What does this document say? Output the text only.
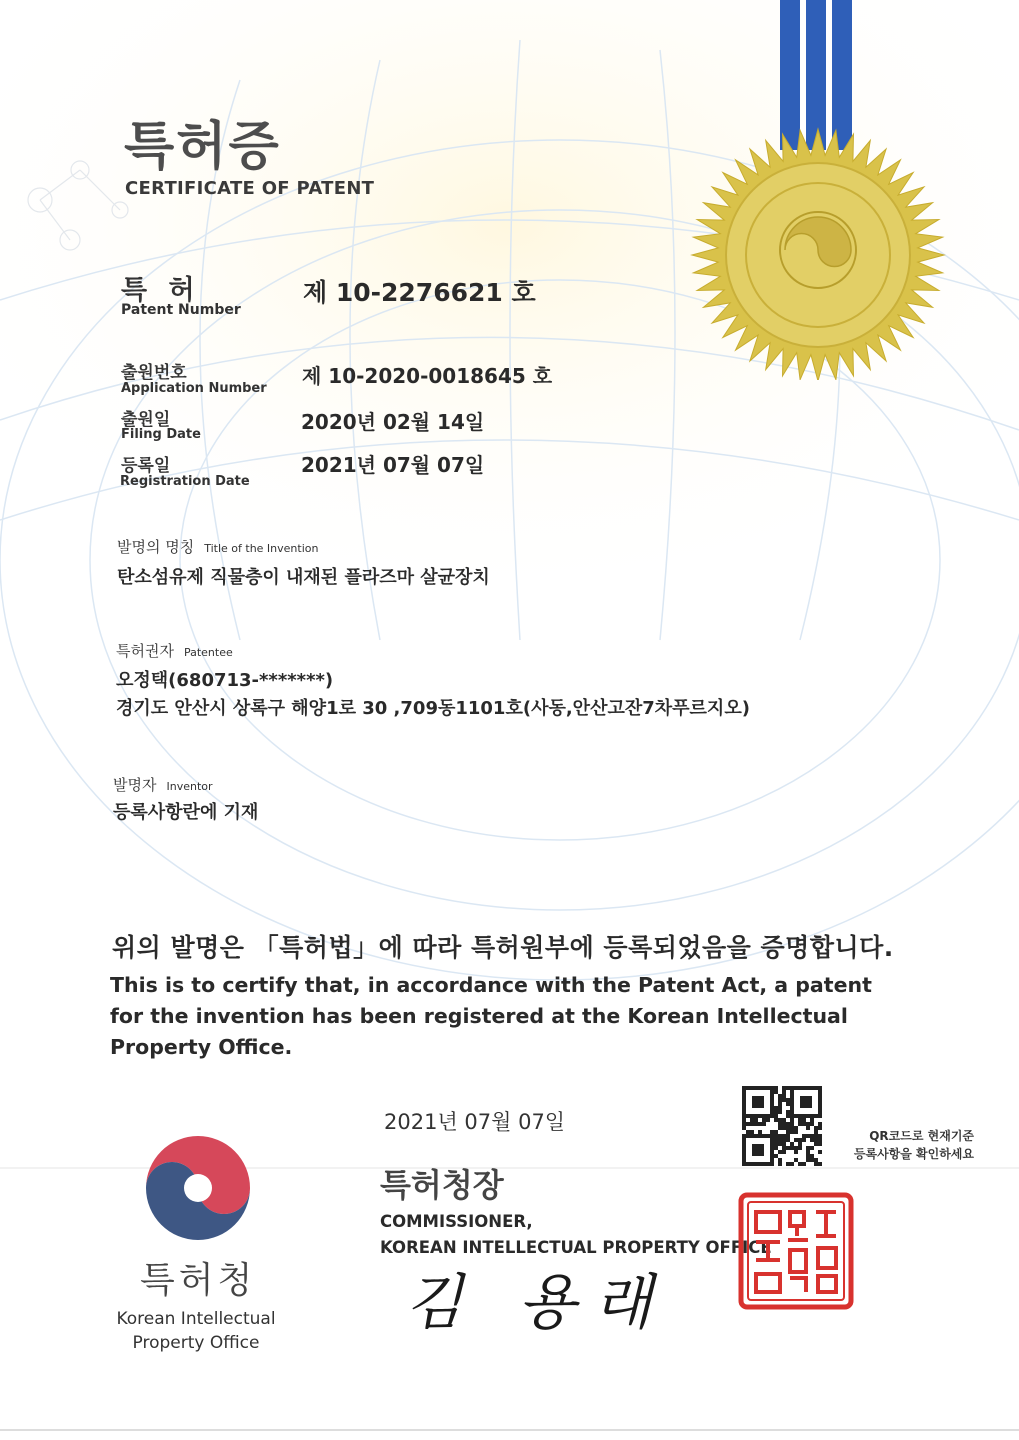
특허증
CERTIFICATE OF PATENT
특 허
Patent Number
제 10-2276621 호
출원번호
Application Number
제 10-2020-0018645 호
출원일
Filing Date
2020년 02월 14일
등록일
Registration Date
2021년 07월 07일
발명의 명칭 Title of the Invention
탄소섬유제 직물층이 내재된 플라즈마 살균장치
특허권자 Patentee
오정택(680713-*******)
경기도 안산시 상록구 해양1로 30 ,709동1101호(사동,안산고잔7차푸르지오)
발명자 Inventor
등록사항란에 기재
위의 발명은 「특허법」에 따라 특허원부에 등록되었음을 증명합니다.
This is to certify that, in accordance with the Patent Act, a patent for the invention has been registered at the Korean Intellectual Property Office.
특허청
Korean Intellectual
Property Office
2021년 07월 07일
특허청장
COMMISSIONER,
KOREAN INTELLECTUAL PROPERTY OFFICE
김 용래
QR코드로 현재기준
등록사항을 확인하세요
